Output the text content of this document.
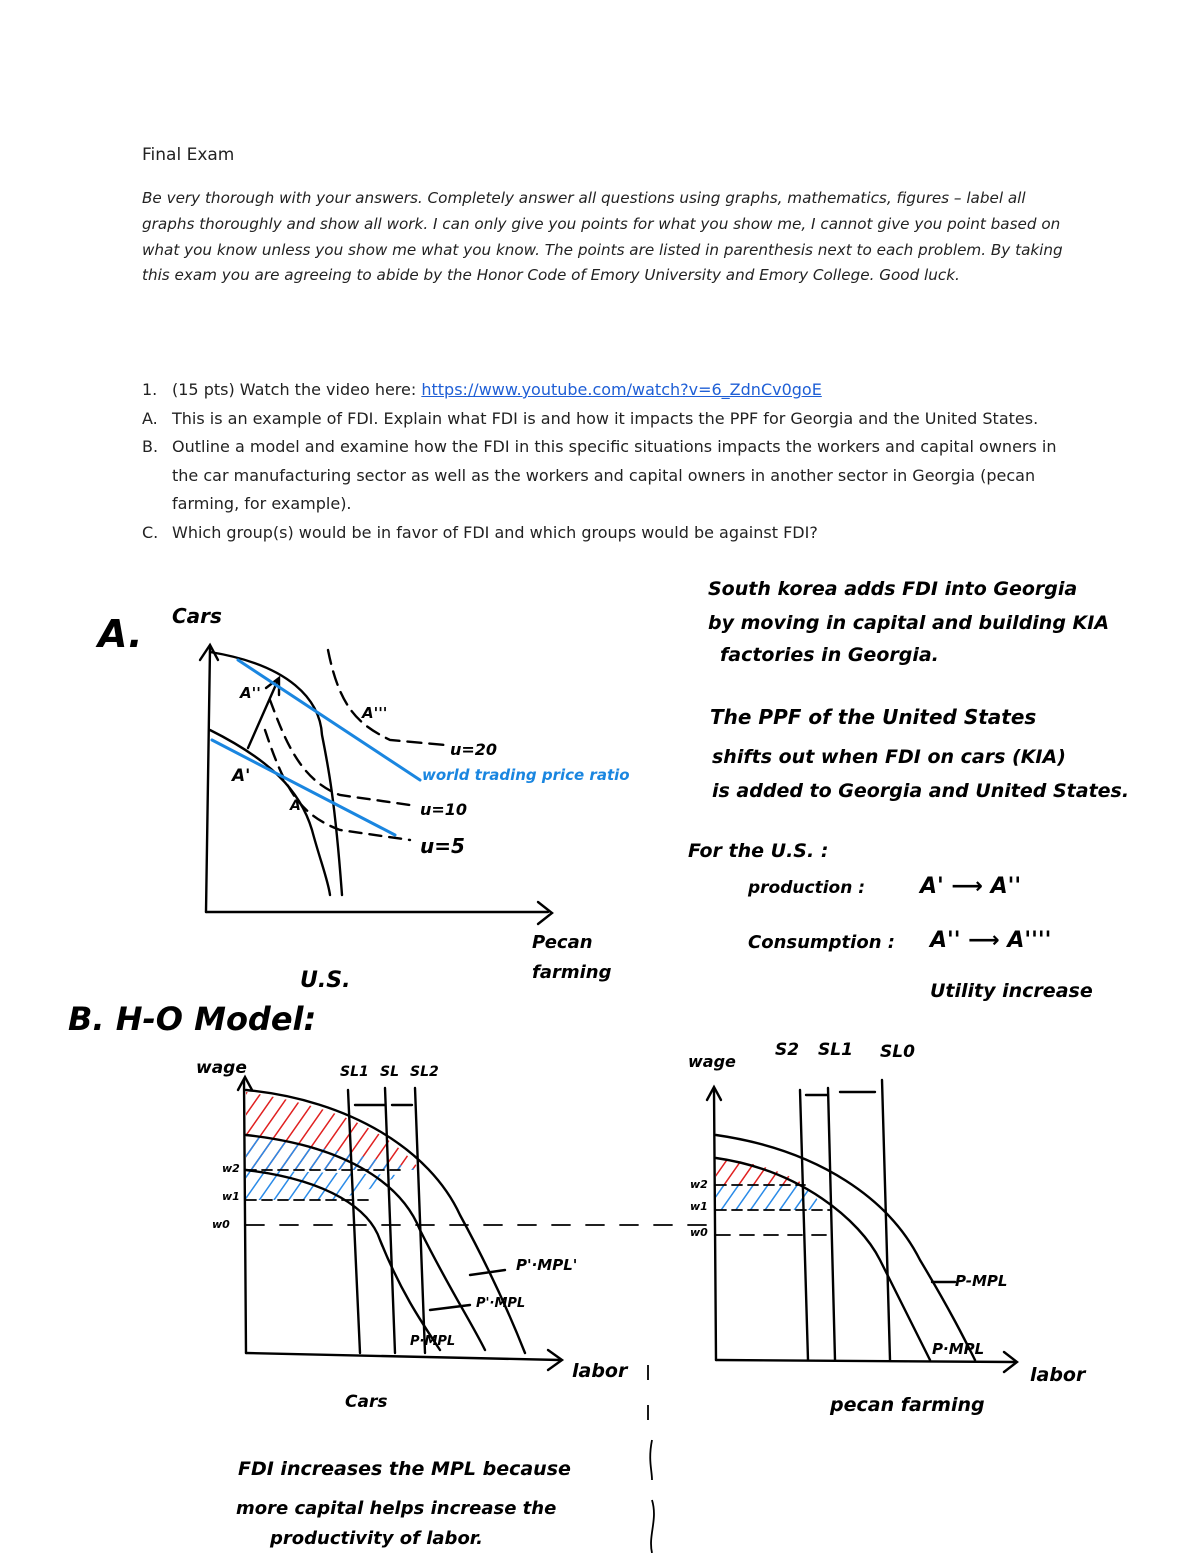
Final Exam
Be very thorough with your answers. Completely answer all questions using graphs, mathematics, figures – label all graphs thoroughly and show all work. I can only give you points for what you show me, I cannot give you point based on what you know unless you show me what you know. The points are listed in parenthesis next to each problem. By taking this exam you are agreeing to abide by the Honor Code of Emory University and Emory College. Good luck.
1. (15 pts) Watch the video here: https://www.youtube.com/watch?v=6_ZdnCv0goE
A. This is an example of FDI. Explain what FDI is and how it impacts the PPF for Georgia and the United States.
B. Outline a model and examine how the FDI in this specific situations impacts the workers and capital owners in the car manufacturing sector as well as the workers and capital owners in another sector in Georgia (pecan farming, for example).
C. Which group(s) would be in favor of FDI and which groups would be against FDI?
A. Cars
A''
A'''
A'
A
u=20
u=10
u=5
world trading price ratio
Pecan
farming
U.S.
South korea adds FDI into Georgia
by moving in capital and building KIA
factories in Georgia.
The PPF of the United States
shifts out when FDI on cars (KIA)
is added to Georgia and United States.
For the U.S. :
production : A' ⟶ A''
Consumption : A'' ⟶ A''''
Utility increase
B. H-O Model:
wage	SL1 SL SL2
w2
w1
w0
P'·MPL'
P'·MPL
P·MPL
labor
Cars
wage
S2 SL1 SL0
w2
w1
w0
P-MPL
P·MPL
labor
pecan farming
FDI increases the MPL because
more capital helps increase the
productivity of labor.
